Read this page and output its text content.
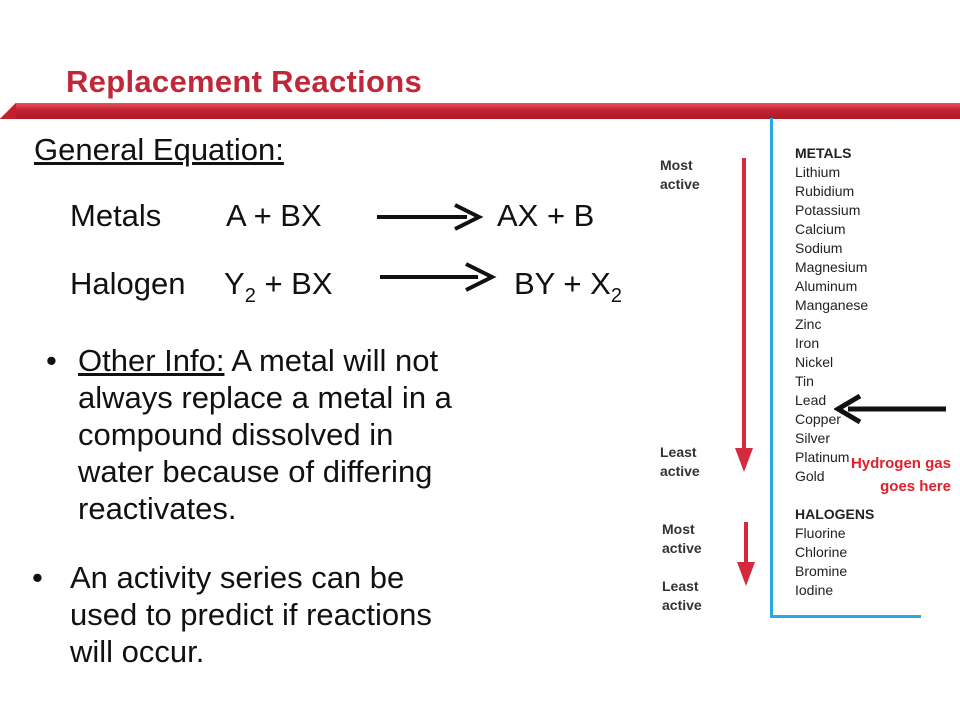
Replacement Reactions
General Equation:
Metals A + BX	AX + B
Halogen $Y_2$ + BX	BY + $X_2$
• Other Info: A metal will not
always replace a metal in a
compound dissolved in
water because of differing
reactivates.
• An activity series can be
used to predict if reactions
will occur.
Most
active
Least
active
Most
active
Least
active
METALS
Lithium
Rubidium
Potassium
Calcium
Sodium
Magnesium
Aluminum
Manganese
Zinc
Iron
Nickel
Tin
Lead
Copper
Silver
Platinum
Gold
HALOGENS
Fluorine
Chlorine
Bromine
Iodine
Hydrogen gas
goes here
